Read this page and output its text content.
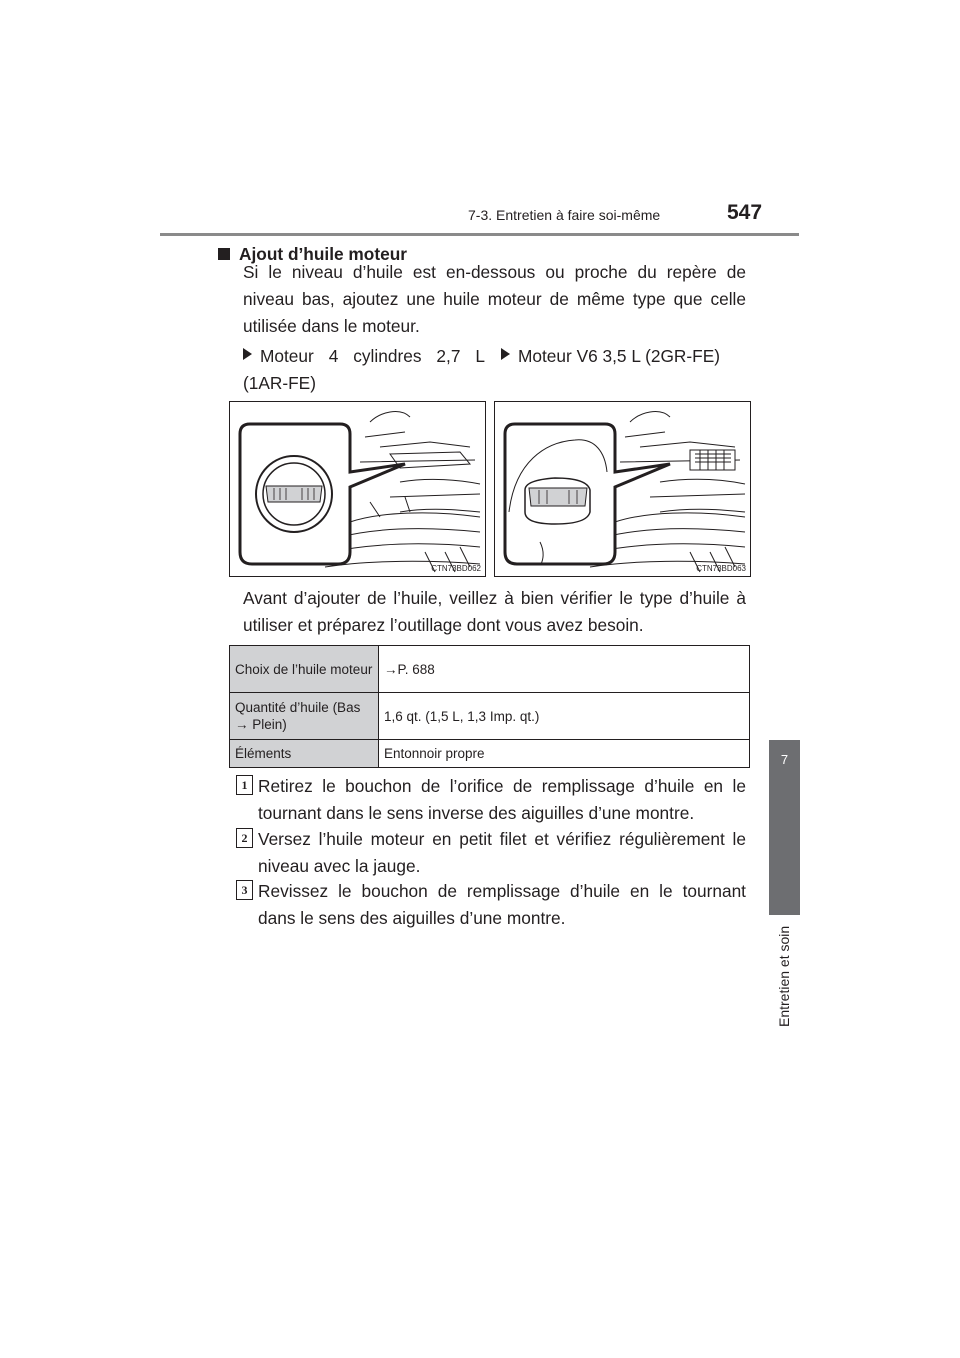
7-3. Entretien à faire soi-même	547
7
Entretien et soin
Ajout d’huile moteur
Si le niveau d’huile est en-dessous ou proche du repère de niveau bas, ajoutez une huile moteur de même type que celle utilisée dans le moteur.
Moteur 4 cylindres 2,7 L (1AR-FE)
Moteur V6 3,5 L (2GR-FE)
CTN73BD062	CTN73BD063
Avant d’ajouter de l’huile, veillez à bien vérifier le type d’huile à utiliser et préparez l’outillage dont vous avez besoin.
Choix de l’huile moteur	→P. 688
Quantité d’huile (Bas → Plein)	1,6 qt. (1,5 L, 1,3 Imp. qt.)
Éléments	Entonnoir propre
1 Retirez le bouchon de l’orifice de remplissage d’huile en le tournant dans le sens inverse des aiguilles d’une montre.
2 Versez l’huile moteur en petit filet et vérifiez régulièrement le niveau avec la jauge.
3 Revissez le bouchon de remplissage d’huile en le tournant dans le sens des aiguilles d’une montre.
